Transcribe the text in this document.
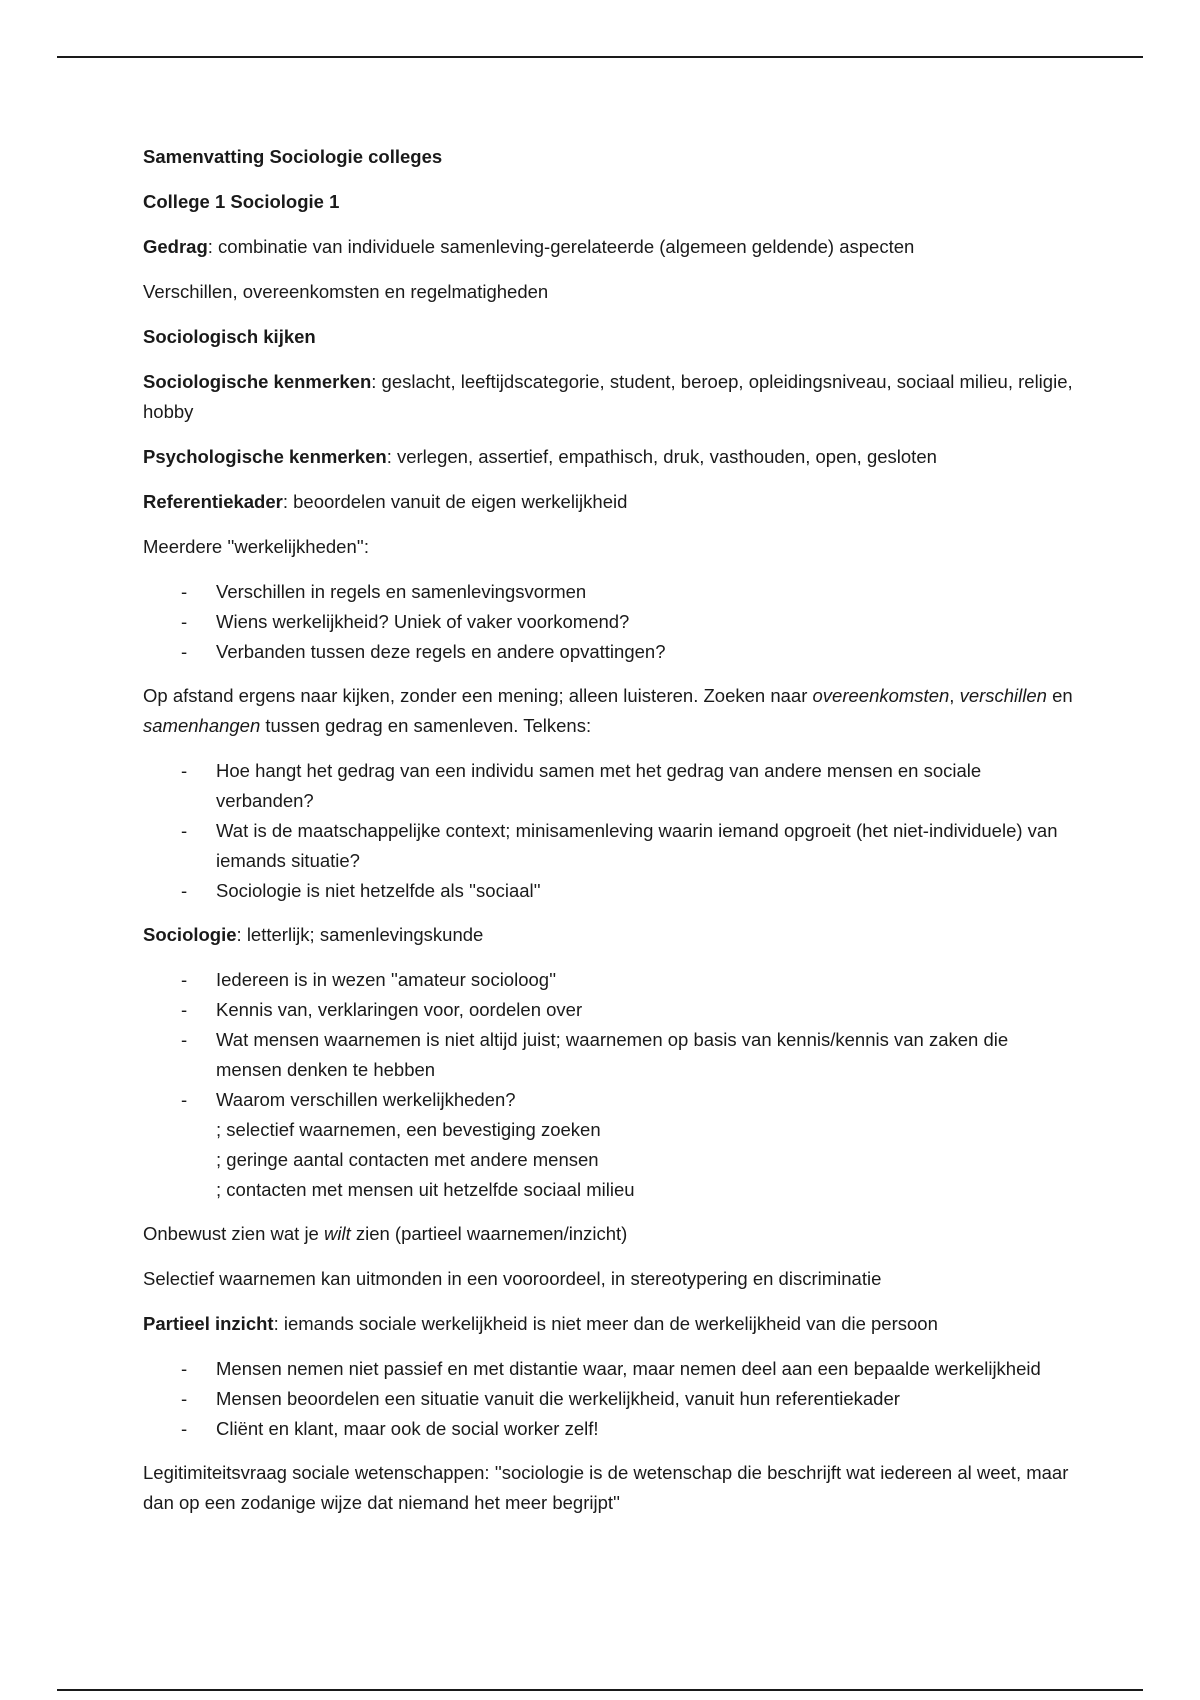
Samenvatting Sociologie colleges

College 1 Sociologie 1

Gedrag: combinatie van individuele samenleving-gerelateerde (algemeen geldende) aspecten

Verschillen, overeenkomsten en regelmatigheden

Sociologisch kijken

Sociologische kenmerken: geslacht, leeftijdscategorie, student, beroep, opleidingsniveau, sociaal milieu, religie, hobby

Psychologische kenmerken: verlegen, assertief, empathisch, druk, vasthouden, open, gesloten

Referentiekader: beoordelen vanuit de eigen werkelijkheid

Meerdere ''werkelijkheden'':

- Verschillen in regels en samenlevingsvormen
- Wiens werkelijkheid? Uniek of vaker voorkomend?
- Verbanden tussen deze regels en andere opvattingen?

Op afstand ergens naar kijken, zonder een mening; alleen luisteren. Zoeken naar overeenkomsten, verschillen en samenhangen tussen gedrag en samenleven. Telkens:

- Hoe hangt het gedrag van een individu samen met het gedrag van andere mensen en sociale verbanden?
- Wat is de maatschappelijke context; minisamenleving waarin iemand opgroeit (het niet-individuele) van iemands situatie?
- Sociologie is niet hetzelfde als ''sociaal''

Sociologie: letterlijk; samenlevingskunde

- Iedereen is in wezen ''amateur socioloog''
- Kennis van, verklaringen voor, oordelen over
- Wat mensen waarnemen is niet altijd juist; waarnemen op basis van kennis/kennis van zaken die mensen denken te hebben
- Waarom verschillen werkelijkheden?
; selectief waarnemen, een bevestiging zoeken
; geringe aantal contacten met andere mensen
; contacten met mensen uit hetzelfde sociaal milieu

Onbewust zien wat je wilt zien (partieel waarnemen/inzicht)

Selectief waarnemen kan uitmonden in een vooroordeel, in stereotypering en discriminatie

Partieel inzicht: iemands sociale werkelijkheid is niet meer dan de werkelijkheid van die persoon

- Mensen nemen niet passief en met distantie waar, maar nemen deel aan een bepaalde werkelijkheid
- Mensen beoordelen een situatie vanuit die werkelijkheid, vanuit hun referentiekader
- Cliënt en klant, maar ook de social worker zelf!

Legitimiteitsvraag sociale wetenschappen: ''sociologie is de wetenschap die beschrijft wat iedereen al weet, maar dan op een zodanige wijze dat niemand het meer begrijpt''
